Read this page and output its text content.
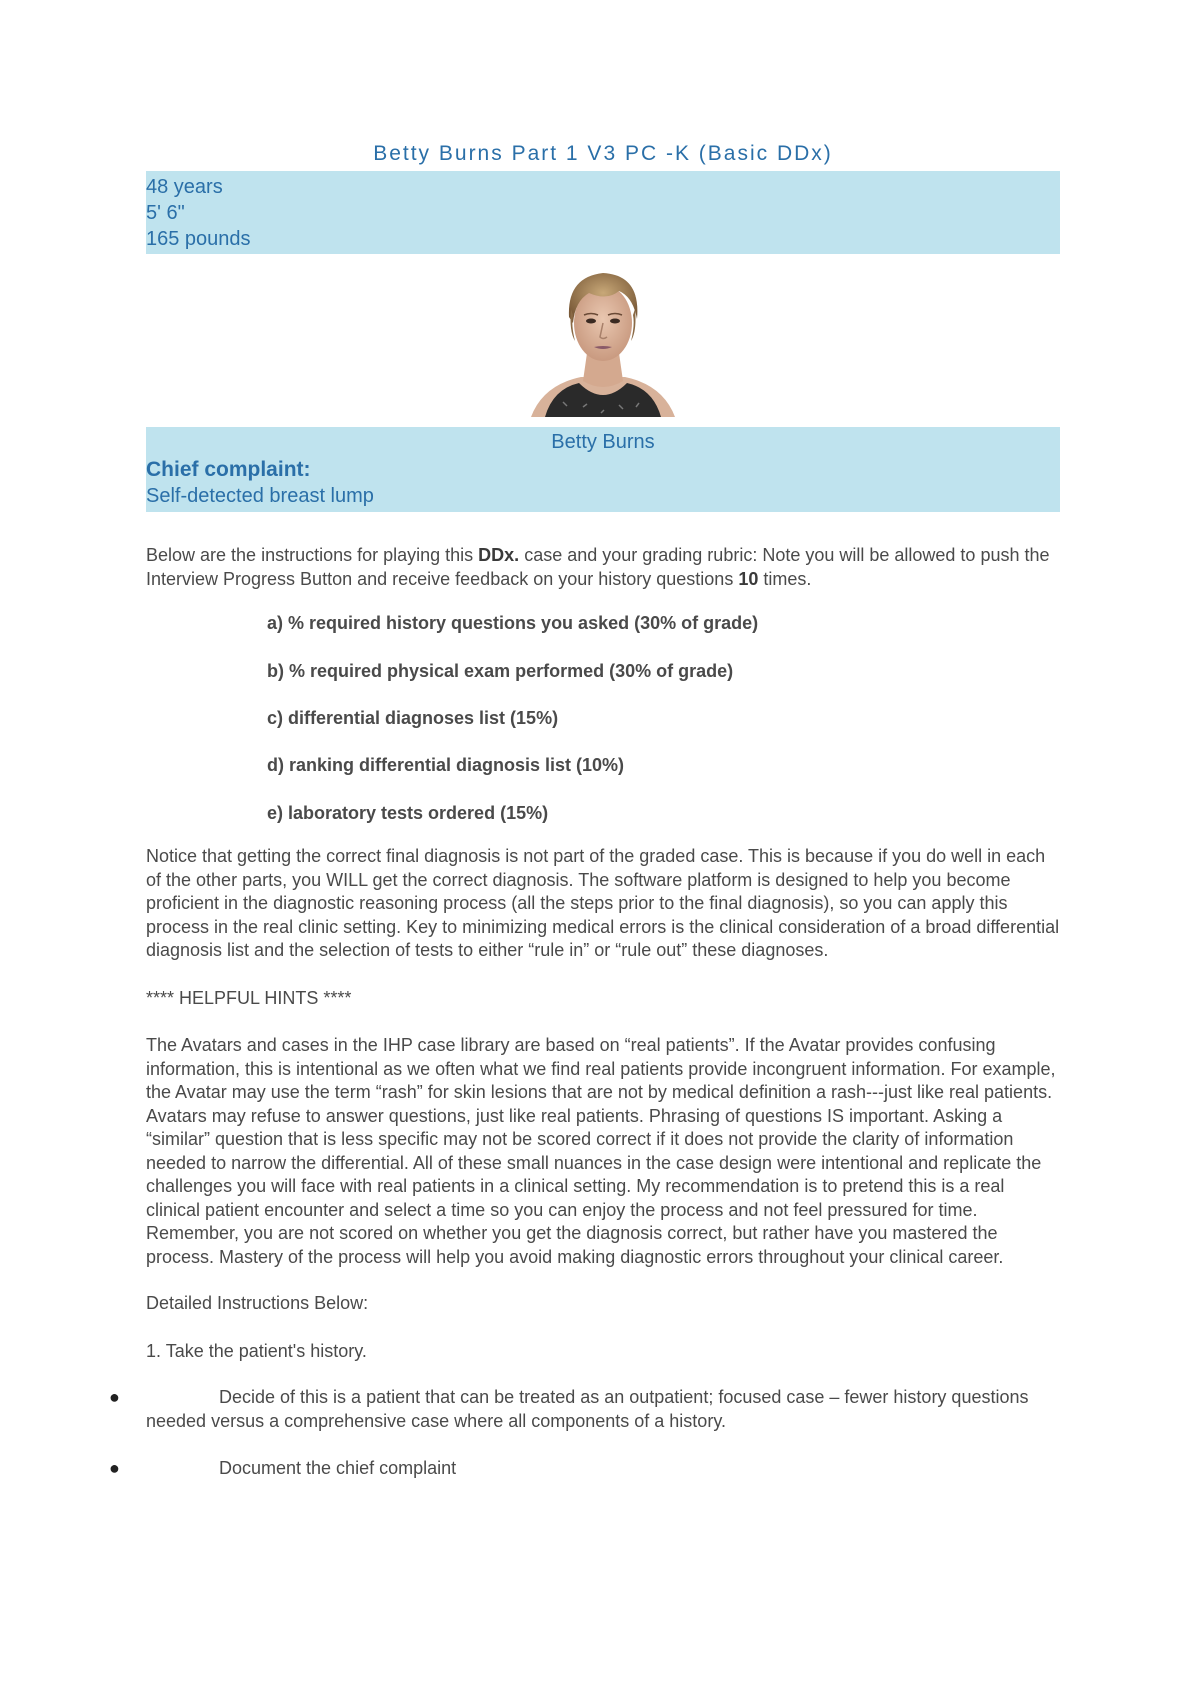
Betty Burns Part 1 V3 PC -K (Basic DDx)
48 years
5' 6"
165 pounds
Betty Burns
Chief complaint:
Self-detected breast lump

Below are the instructions for playing this DDx. case and your grading rubric: Note you will be allowed to push the Interview Progress Button and receive feedback on your history questions 10 times.

a) % required history questions you asked (30% of grade)

b) % required physical exam performed (30% of grade)

c) differential diagnoses list (15%)

d) ranking differential diagnosis list (10%)

e) laboratory tests ordered (15%)

Notice that getting the correct final diagnosis is not part of the graded case. This is because if you do well in each of the other parts, you WILL get the correct diagnosis. The software platform is designed to help you become proficient in the diagnostic reasoning process (all the steps prior to the final diagnosis), so you can apply this process in the real clinic setting. Key to minimizing medical errors is the clinical consideration of a broad differential diagnosis list and the selection of tests to either “rule in” or “rule out” these diagnoses.

**** HELPFUL HINTS ****

The Avatars and cases in the IHP case library are based on “real patients”. If the Avatar provides confusing information, this is intentional as we often what we find real patients provide incongruent information. For example, the Avatar may use the term “rash” for skin lesions that are not by medical definition a rash---just like real patients. Avatars may refuse to answer questions, just like real patients. Phrasing of questions IS important. Asking a “similar” question that is less specific may not be scored correct if it does not provide the clarity of information needed to narrow the differential. All of these small nuances in the case design were intentional and replicate the challenges you will face with real patients in a clinical setting. My recommendation is to pretend this is a real clinical patient encounter and select a time so you can enjoy the process and not feel pressured for time. Remember, you are not scored on whether you get the diagnosis correct, but rather have you mastered the process. Mastery of the process will help you avoid making diagnostic errors throughout your clinical career.

Detailed Instructions Below:

1. Take the patient's history.

●	Decide of this is a patient that can be treated as an outpatient; focused case – fewer history questions needed versus a comprehensive case where all components of a history.
●	Document the chief complaint
